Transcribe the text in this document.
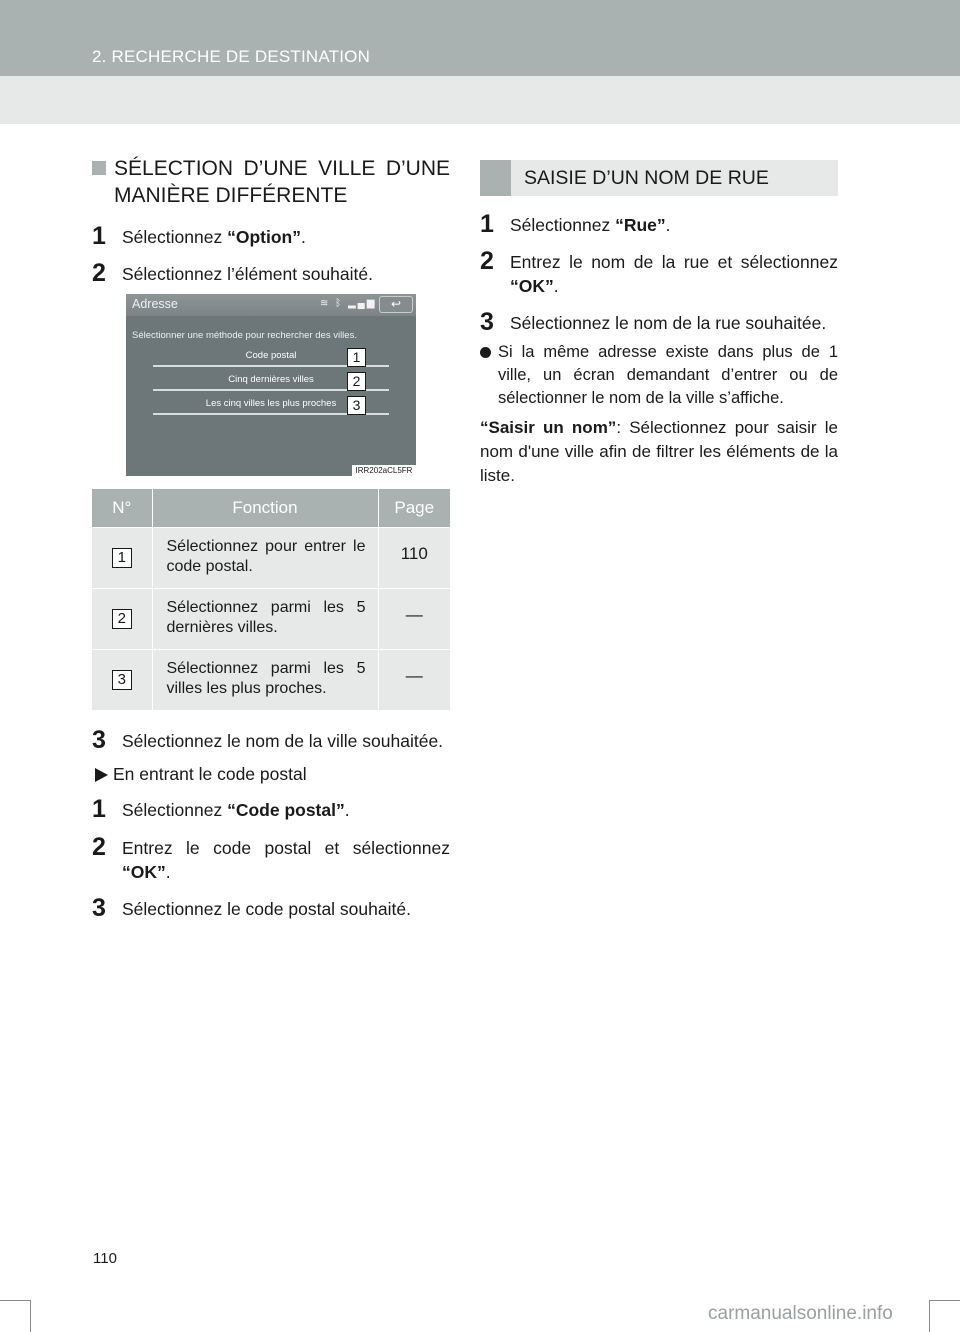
2. RECHERCHE DE DESTINATION
SÉLECTION D’UNE VILLE D’UNE MANIÈRE DIFFÉRENTE
1 Sélectionnez “Option”.
2 Sélectionnez l’élément souhaité.
Adresse	≋ ᛒ ▂▄▆	↩
Sélectionner une méthode pour rechercher des villes.
Code postal
Cinq dernières villes
Les cinq villes les plus proches
1
2
3
IRR202aCL5FR
N°	Fonction	Page
1	Sélectionnez pour entrer le code postal.	110
2	Sélectionnez parmi les 5 dernières villes.	—
3	Sélectionnez parmi les 5 villes les plus proches.	—
3 Sélectionnez le nom de la ville souhaitée.
En entrant le code postal
1 Sélectionnez “Code postal”.
2 Entrez le code postal et sélectionnez “OK”.
3 Sélectionnez le code postal souhaité.
SAISIE D’UN NOM DE RUE
1 Sélectionnez “Rue”.
2 Entrez le nom de la rue et sélectionnez “OK”.
3 Sélectionnez le nom de la rue souhaitée.
Si la même adresse existe dans plus de 1 ville, un écran demandant d’entrer ou de sélectionner le nom de la ville s’affiche.
“Saisir un nom”: Sélectionnez pour saisir le nom d'une ville afin de filtrer les éléments de la liste.
110
carmanualsonline.info
